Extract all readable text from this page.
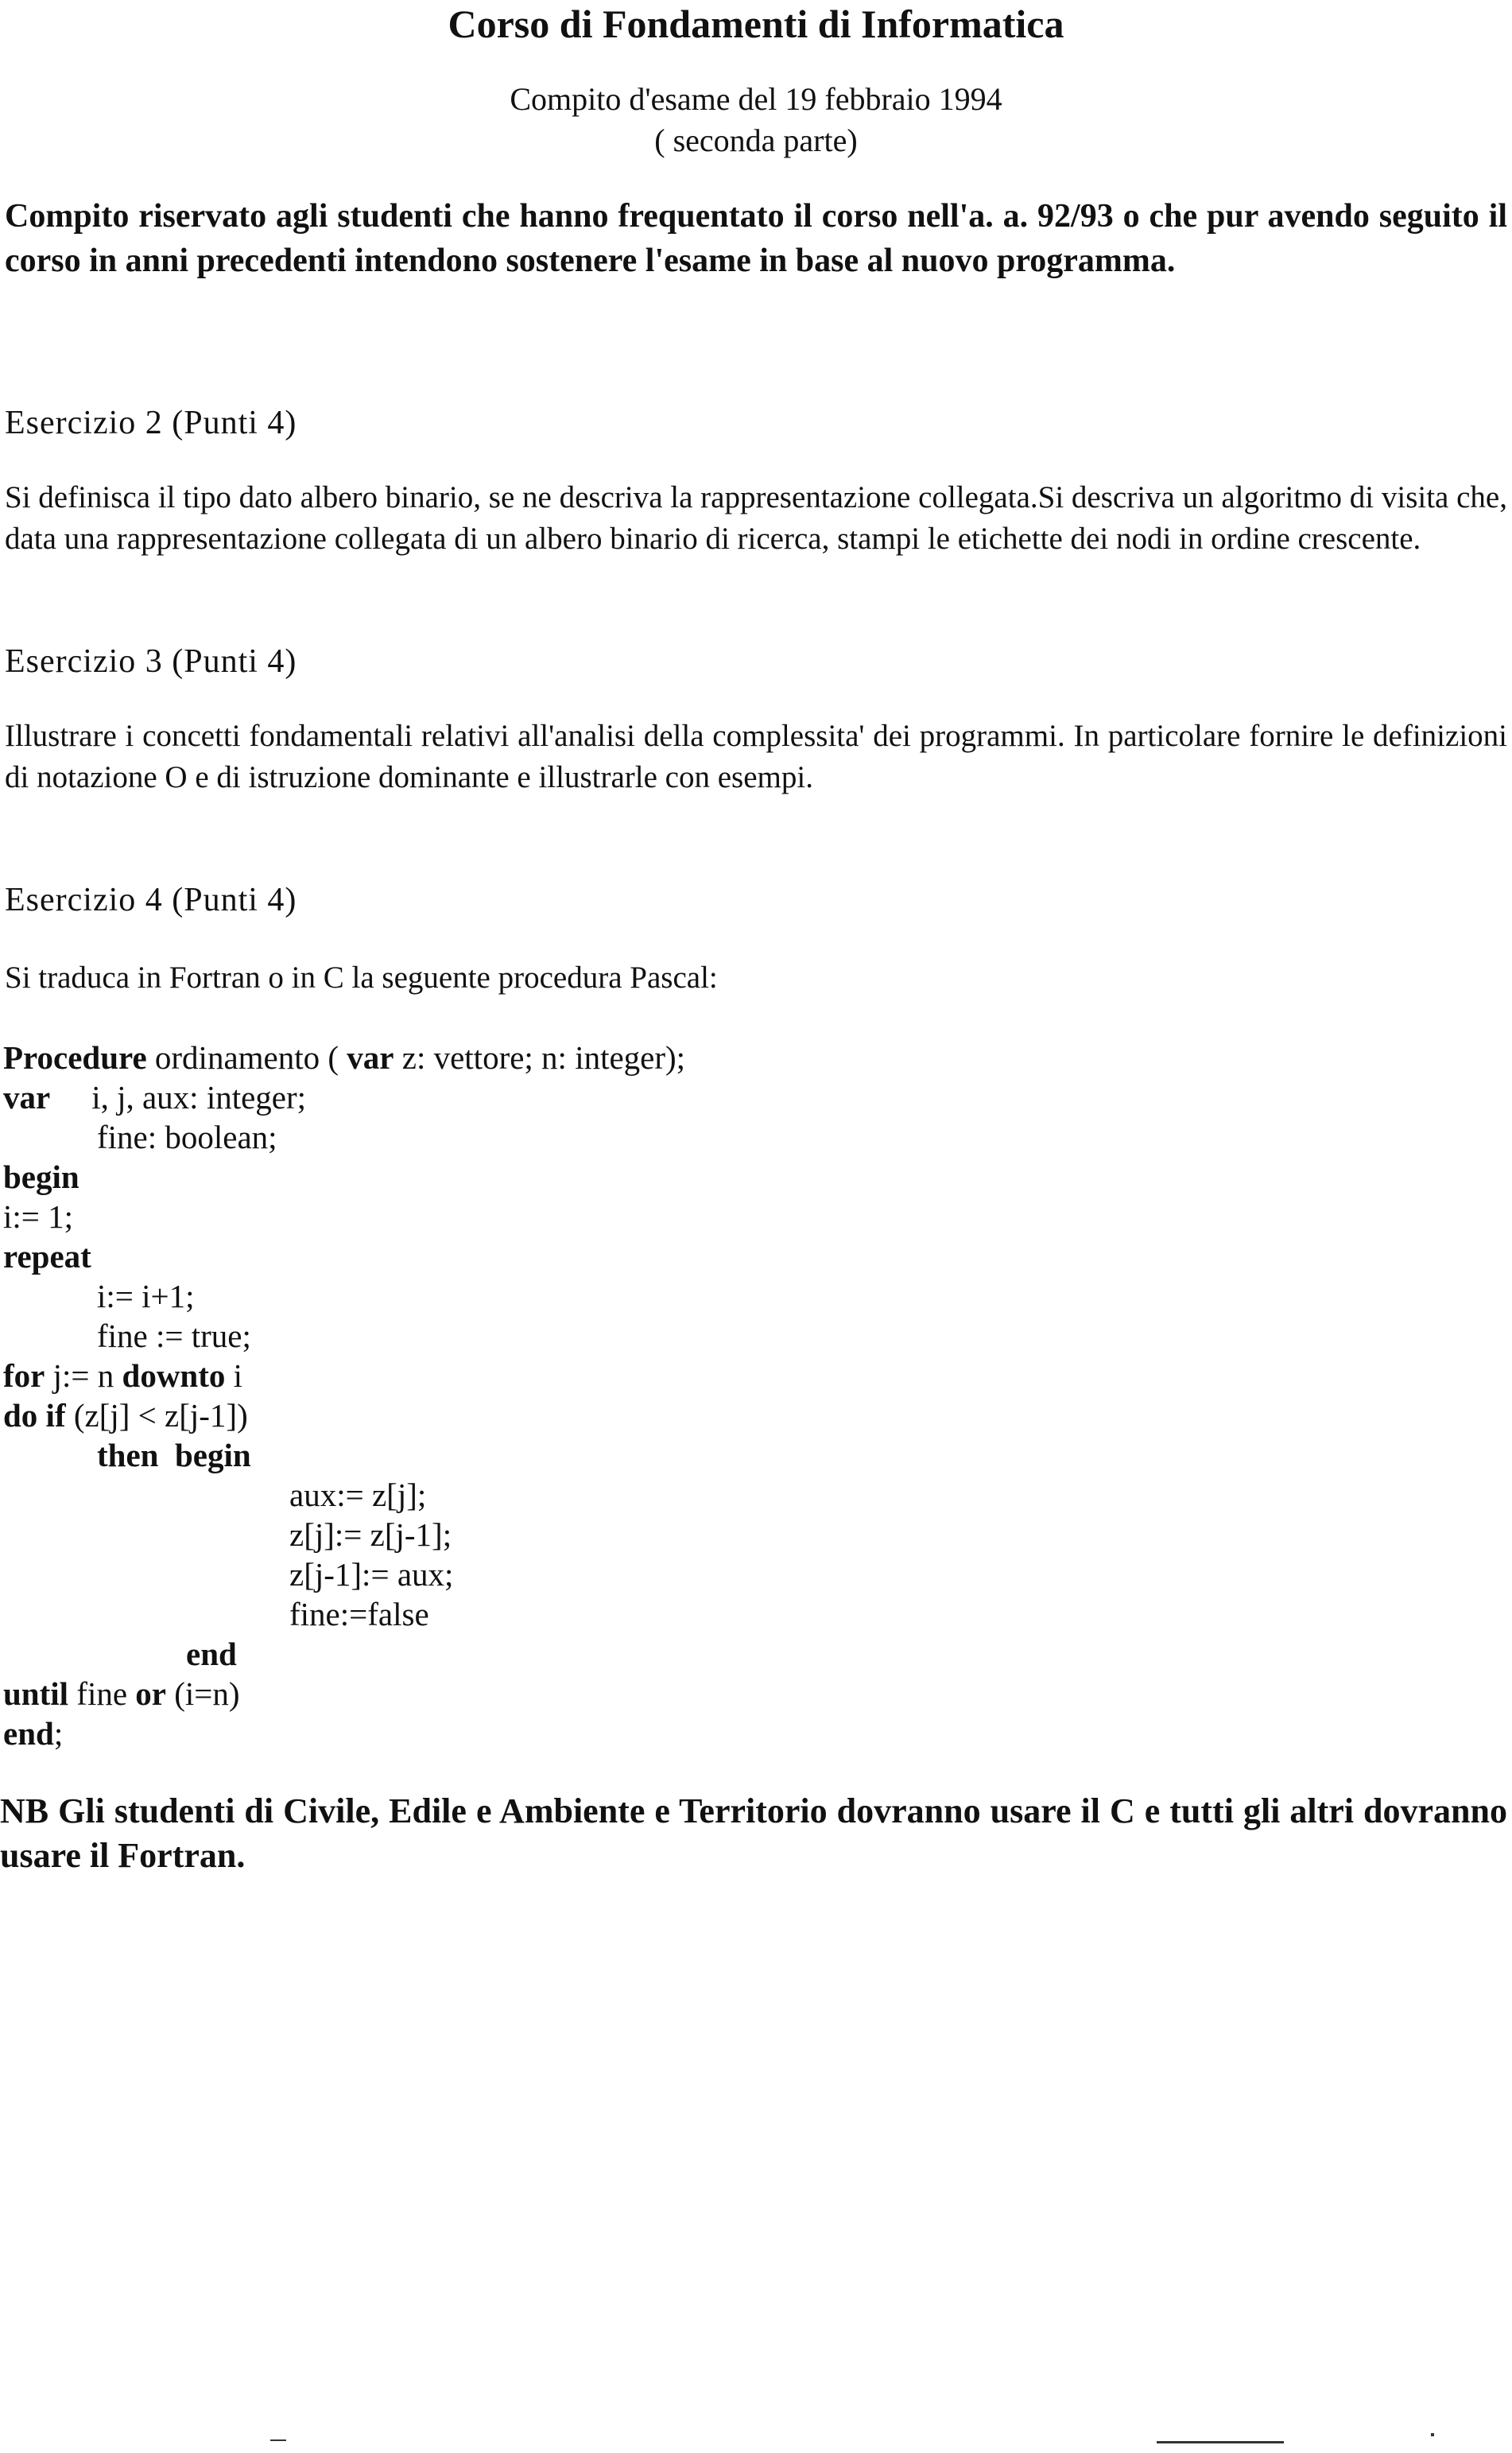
Corso di Fondamenti di Informatica
Compito d'esame del 19 febbraio 1994
( seconda parte)

Compito riservato agli studenti che hanno frequentato il corso nell'a. a. 92/93 o che pur avendo seguito il corso in anni precedenti intendono sostenere l'esame in base al nuovo programma.

Esercizio 2 (Punti 4)

Si definisca il tipo dato albero binario, se ne descriva la rappresentazione collegata.Si descriva un algoritmo di visita che, data una rappresentazione collegata di un albero binario di ricerca, stampi le etichette dei nodi in ordine crescente.

Esercizio 3 (Punti 4)

Illustrare i concetti fondamentali relativi all'analisi della complessita' dei programmi. In particolare fornire le definizioni di notazione O e di istruzione dominante e illustrarle con esempi.

Esercizio 4 (Punti 4)

Si traduca in Fortran o in C la seguente procedura Pascal:

Procedure ordinamento ( var z: vettore; n: integer);
var i, j, aux: integer;
fine: boolean;
begin
i:= 1;
repeat
i:= i+1;
fine := true;
for j:= n downto i
do if (z[j] < z[j-1])
then  begin
aux:= z[j];
z[j]:= z[j-1];
z[j-1]:= aux;
fine:=false
end
until fine or (i=n)
end;

NB Gli studenti di Civile, Edile e Ambiente e Territorio dovranno usare il C e tutti gli altri dovranno usare il Fortran.
